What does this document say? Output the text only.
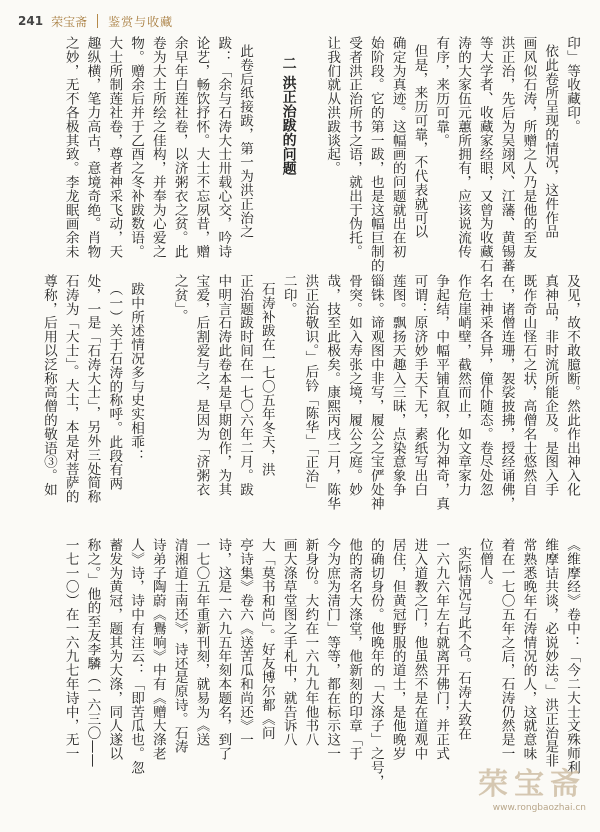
241 荣宝斋 鉴赏与收藏
印」等收藏印。
依此卷所呈现的情况，这件作品
画风似石涛，所赠之人乃是他的至友
洪正治，先后为吴翊风、江藩、黄锡蕃
等大学者、收藏家经眼，又曾为收藏石
涛的大家伍元蕙所拥有，应该说流传
有序，来历可靠。
但是，来历可靠，不代表就可以
确定为真迹。这幅画的问题就出在初
始阶段。它的第一跋，也是这幅巨制的
受者洪正治所书之语，就出于伪托。
让我们就从洪跋谈起。
二 洪正治跋的问题
此卷后纸接跋，第一为洪正治之
跋：「余与石涛大士卅载心交，吟诗
论艺，畅饮抒怀。大士不忘夙昔，赠
余早年白莲社卷，以济粥衣之贫。此
卷为大士所绘之佳构，并奉为心爱之
物。赠余后并于乙酉之冬补跋数语。
大士所制莲社卷，尊者神采飞动，天
趣纵横，笔力高古，意境奇绝。肖物
之妙，无不各极其致。李龙眠画余未
及见，故不敢臆断。然此作出神入化
真神品，非时流所能企及。是图入手
既作奇山怪石之状，高僧名士悠然自
在，诸僧连珊，袈裟披拂，授经诵佛，
名士神采各异，僮仆随态。卷尽处忽
作危崖峭壁，截然而止，如文章家力
争起结，中幅平铺直叙，化为神奇，真
可谓：原济妙手天下无，素纸写出白
莲图。飘扬天趣入三昧，点染意象争
锱铢。谛观图中非写，履公之宝俨处神
骨突。如入寿张之境，履公之庭。妙
哉，技至此极矣。康熙丙戌二月，陈华
洪正治敬识。」后钤「陈华」「正治」
二印。
石涛补跋在一七〇五年冬天，洪
正治题跋时间在一七〇六年二月。跋
中明言石涛此卷本是早期创作，为其
宝爱，后割爱与之，是因为「济粥衣
之贫」。
跋中所述情况多与史实相乖：
（一）关于石涛的称呼。此段有两
处，一是「石涛大士」，另外三处简称
石涛为「大士」。大士，本是对菩萨的
尊称，后用以泛称高僧的敬语③。如
《维摩经》卷中：「今二大士文殊师利
维摩诘共谈，必说妙法。」洪正治是非
常熟悉晚年石涛情况的人，这就意味
着在一七〇五年之后，石涛仍然是一
位僧人。
实际情况与此不合。石涛大致在
一六九六年左右就离开佛门，并正式
进入道教之门，他虽然不是在道观中
居住，但黄冠野服的道士，是他晚岁
的确切身份。他晚年的「大涤子」之号，
他的斋名大涤堂，他新刻的印章「于
今为庶为清门」等等，都在标示这一
新身份。大约在一六九九年他书八
画大涤草堂图之手札中，就告诉八
大「莫书和尚」。好友博尔都《问
亭诗集》卷六《送苦瓜和尚还》一
诗，这是一六九五年刻本题名，到了
一七〇五年重新刊刻，就易为《送
清湘道士南还》，诗还是原诗。石涛
诗弟子陶蔚《鸒响》中有《赠大涤老
人》诗，诗中有注云：「即苦瓜也。忽
蓄发为黄冠，题其为大涤，同人遂以
称之。」他的至友李驎（一六三〇——
一七一〇）在一六九七年诗中，无一
荣宝斋
www.rongbaozhai.cn
